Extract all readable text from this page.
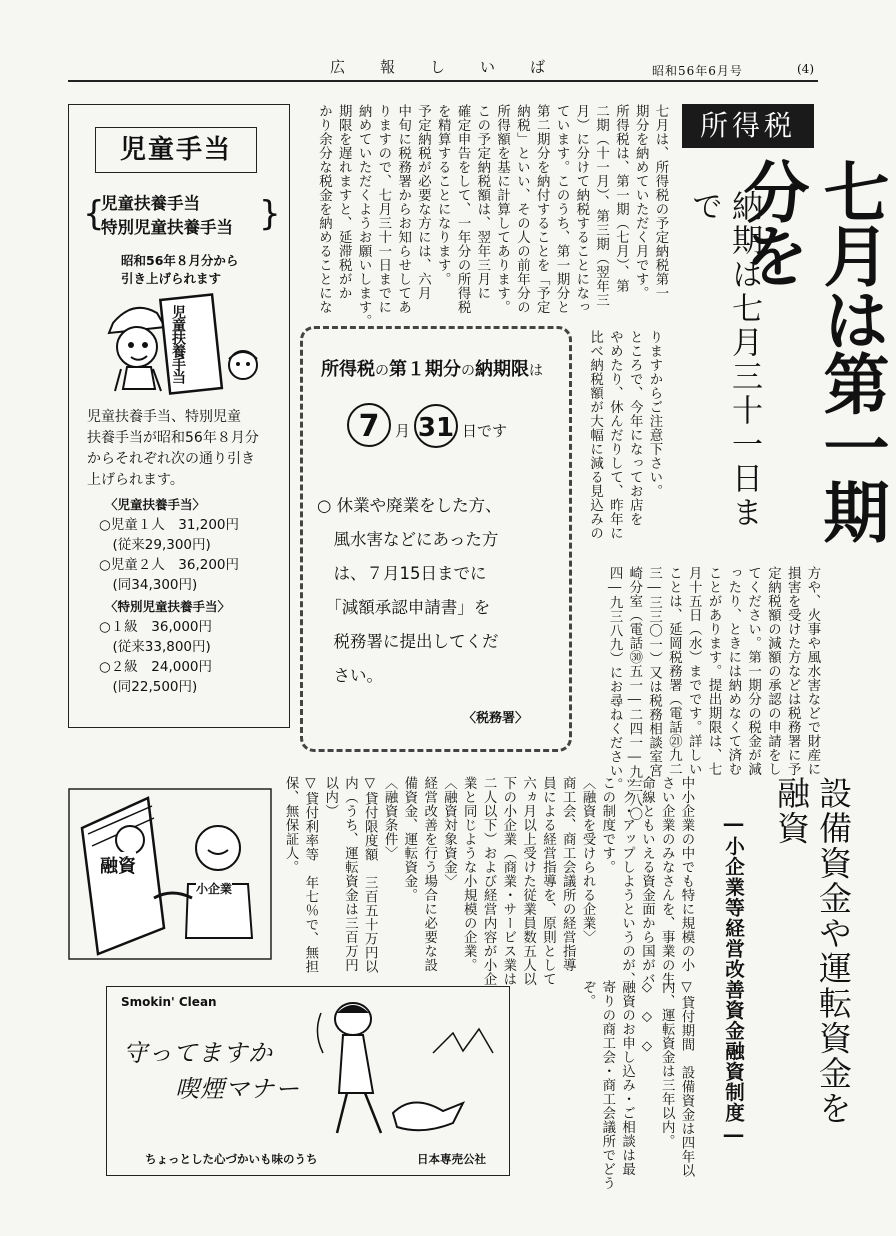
広　報　し　い　ば	昭和56年6月号	(4)
所得税
七月は第一期分を
納期は七月三十一日まで
七月は、所得税の予定納税第一
期分を納めていただく月です。
所得税は、第一期（七月）、第
二期（十一月）、第三期（翌年三
月）に分けて納税することになっ
ています。このうち、第一期分と
第二期分を納付することを「予定
納税」といい、その人の前年分の
所得額を基に計算してあります。
この予定納税額は、翌年三月に
確定申告をして、一年分の所得税
を精算することになります。
予定納税が必要な方には、六月
中旬に税務署からお知らせしてあ
りますので、七月三十一日までに
納めていただくようお願いします。
期限を遅れますと、延滞税がか
かり余分な税金を納めることにな
りますからご注意下さい。
ところで、今年になってお店を
やめたり、休んだりして、昨年に
比べ納税額が大幅に減る見込みの
方や、火事や風水害などで財産に
損害を受けた方などは税務署に予
定納税額の減額の承認の申請をし
てください。第一期分の税金が減
ったり、ときには納めなくて済む
ことがあります。提出期限は、七
月十五日（水）までです。詳しい
ことは、延岡税務署（電話㉑九二
三―三三〇一）又は税務相談室宮
崎分室（電話㉚五一―二四一―九三八〇
四―九三八九）にお尋ねください。
所得税の第１期分の納期限は
7 月 31 日です
○ 休業や廃業をした方、
　風水害などにあった方
　は、７月15日までに
　「減額承認申請書」を
　税務署に提出してくだ
　さい。
〈税務署〉
児童手当
{
児童扶養手当
特別児童扶養手当 }
昭和56年８月分から
引き上げられます
児童扶養手当
児童扶養手当、特別児童
扶養手当が昭和56年８月分
からそれぞれ次の通り引き
上げられます。
〈児童扶養手当〉
○児童１人　31,200円
　(従来29,300円)
○児童２人　36,200円
　(同34,300円)
〈特別児童扶養手当〉
○１級　36,000円
　(従来33,800円)
○２級　24,000円
　(同22,500円)
設備資金や運転資金を融資
―小企業等経営改善資金融資制度―
中小企業の中でも特に規模の小
さい企業のみなさんを、事業の生
命線ともいえる資金面から国がバ
ック・アップしようというのが、
この制度です。
〈融資を受けられる企業〉
商工会、商工会議所の経営指導
員による経営指導を、原則として
六ヵ月以上受けた従業員数五人以
下の小企業（商業・サービス業は
二人以下）および経営内容が小企
業と同じような小規模の企業。
〈融資対象資金〉
経営改善を行う場合に必要な設
備資金、運転資金。
〈融資条件〉
▽貸付限度額　三百五十万円以
内（うち、運転資金は三百万円
以内）
▽貸付利率等　年七％で、無担
保、無保証人。
▽貸付期間　設備資金は四年以
内、運転資金は三年以内。
◇　◇　◇
融資のお申し込み・ご相談は最
寄りの商工会・商工会議所でどう
ぞ。
融資
小企業
Smokin' Clean
守ってますか
喫煙マナー
ちょっとした心づかいも味のうち	日本専売公社
